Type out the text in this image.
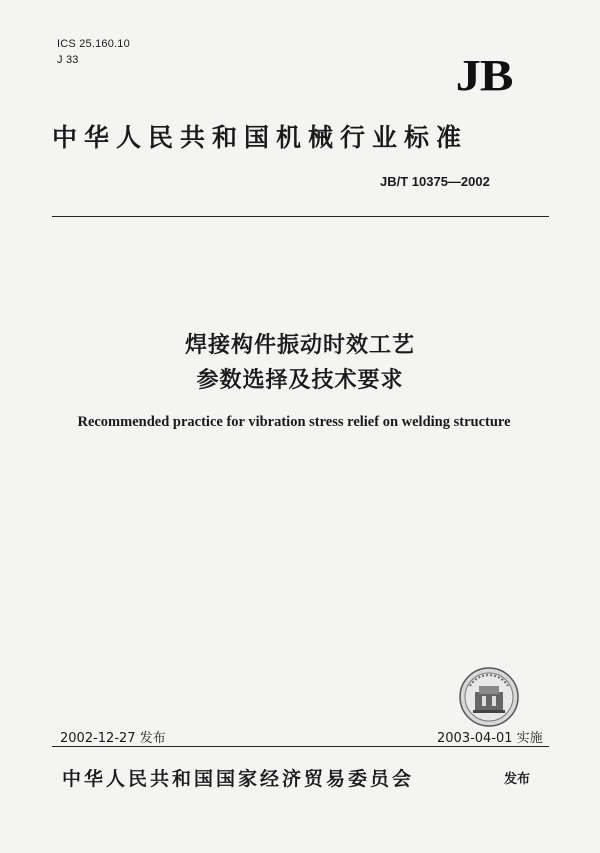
ICS 25.160.10
J 33	JB
中华人民共和国机械行业标准
JB/T 10375—2002
焊接构件振动时效工艺
参数选择及技术要求
Recommended practice for vibration stress relief on welding structure
2002-12-27 发布	2003-04-01 实施
中华人民共和国国家经济贸易委员会	发布
